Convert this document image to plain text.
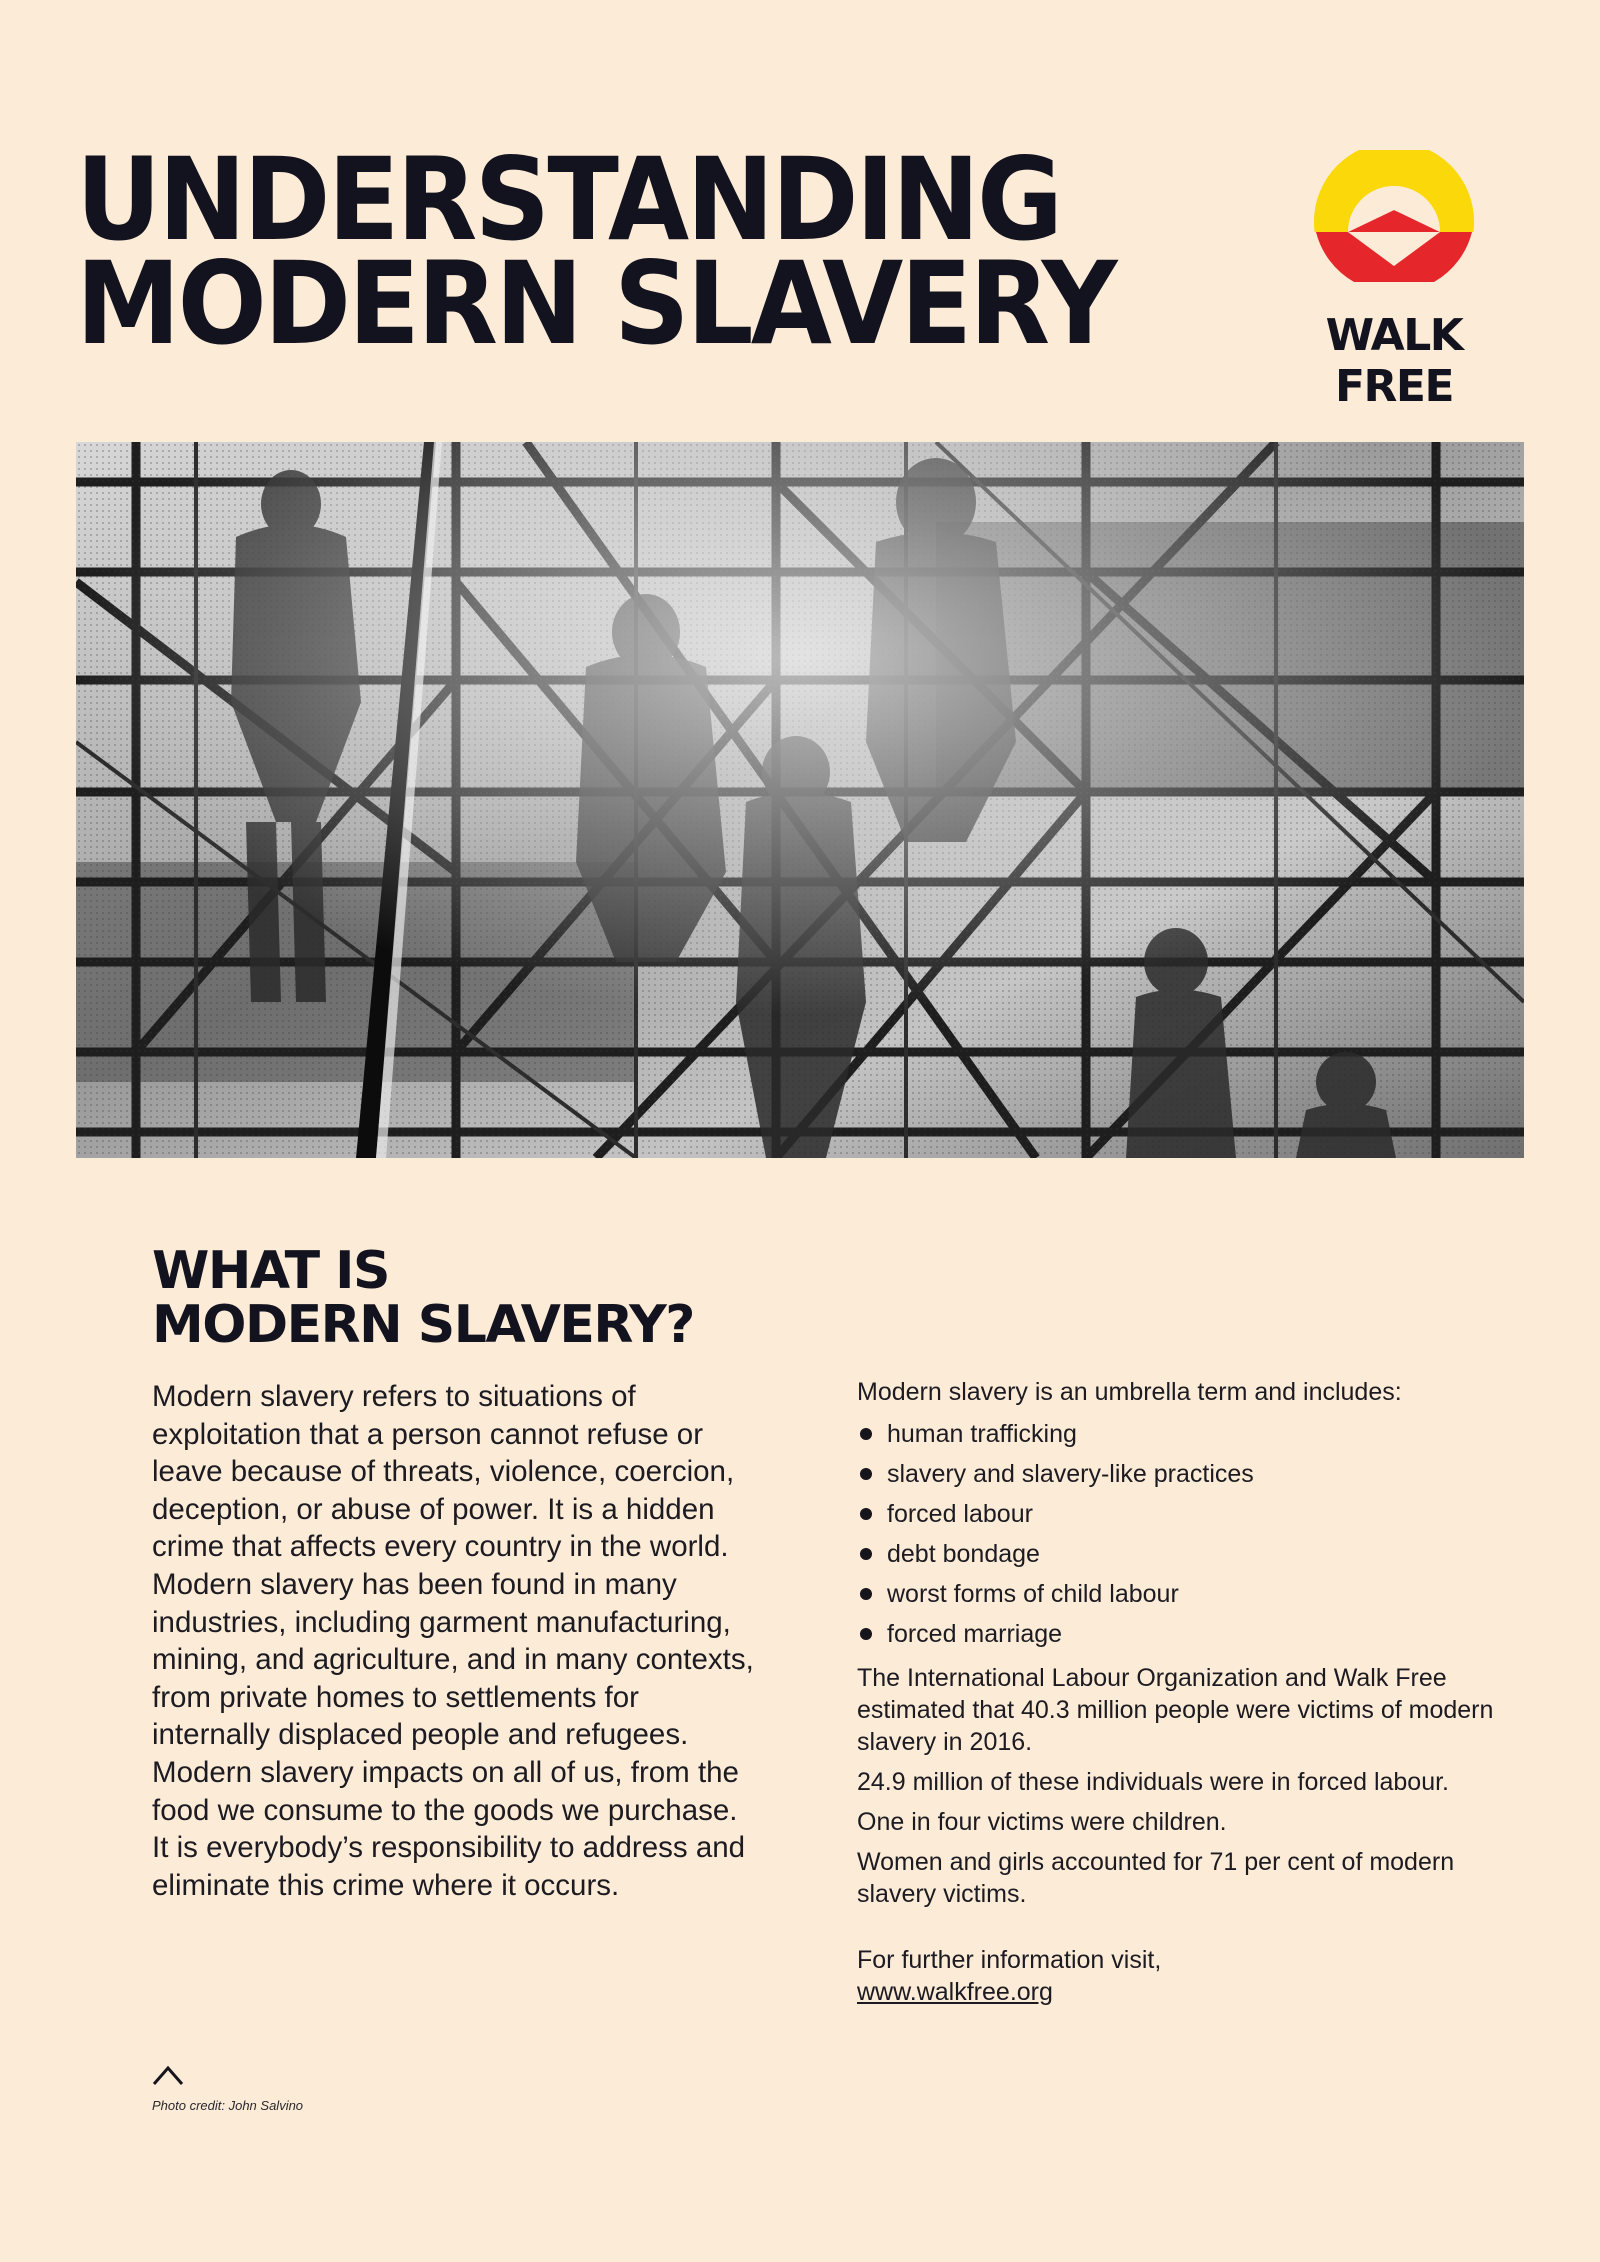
UNDERSTANDING
MODERN SLAVERY	WALK FREE
WHAT IS
MODERN SLAVERY?

Modern slavery refers to situations of exploitation that a person cannot refuse or leave because of threats, violence, coercion, deception, or abuse of power. It is a hidden crime that affects every country in the world. Modern slavery has been found in many industries, including garment manufacturing, mining, and agriculture, and in many contexts, from private homes to settlements for internally displaced people and refugees. Modern slavery impacts on all of us, from the food we consume to the goods we purchase. It is everybody’s responsibility to address and eliminate this crime where it occurs.

Modern slavery is an umbrella term and includes:

human trafficking
slavery and slavery-like practices
forced labour
debt bondage
worst forms of child labour
forced marriage

The International Labour Organization and Walk Free estimated that 40.3 million people were victims of modern slavery in 2016.

24.9 million of these individuals were in forced labour.

One in four victims were children.

Women and girls accounted for 71 per cent of modern slavery victims.

For further information visit,

www.walkfree.org

Photo credit: John Salvino
